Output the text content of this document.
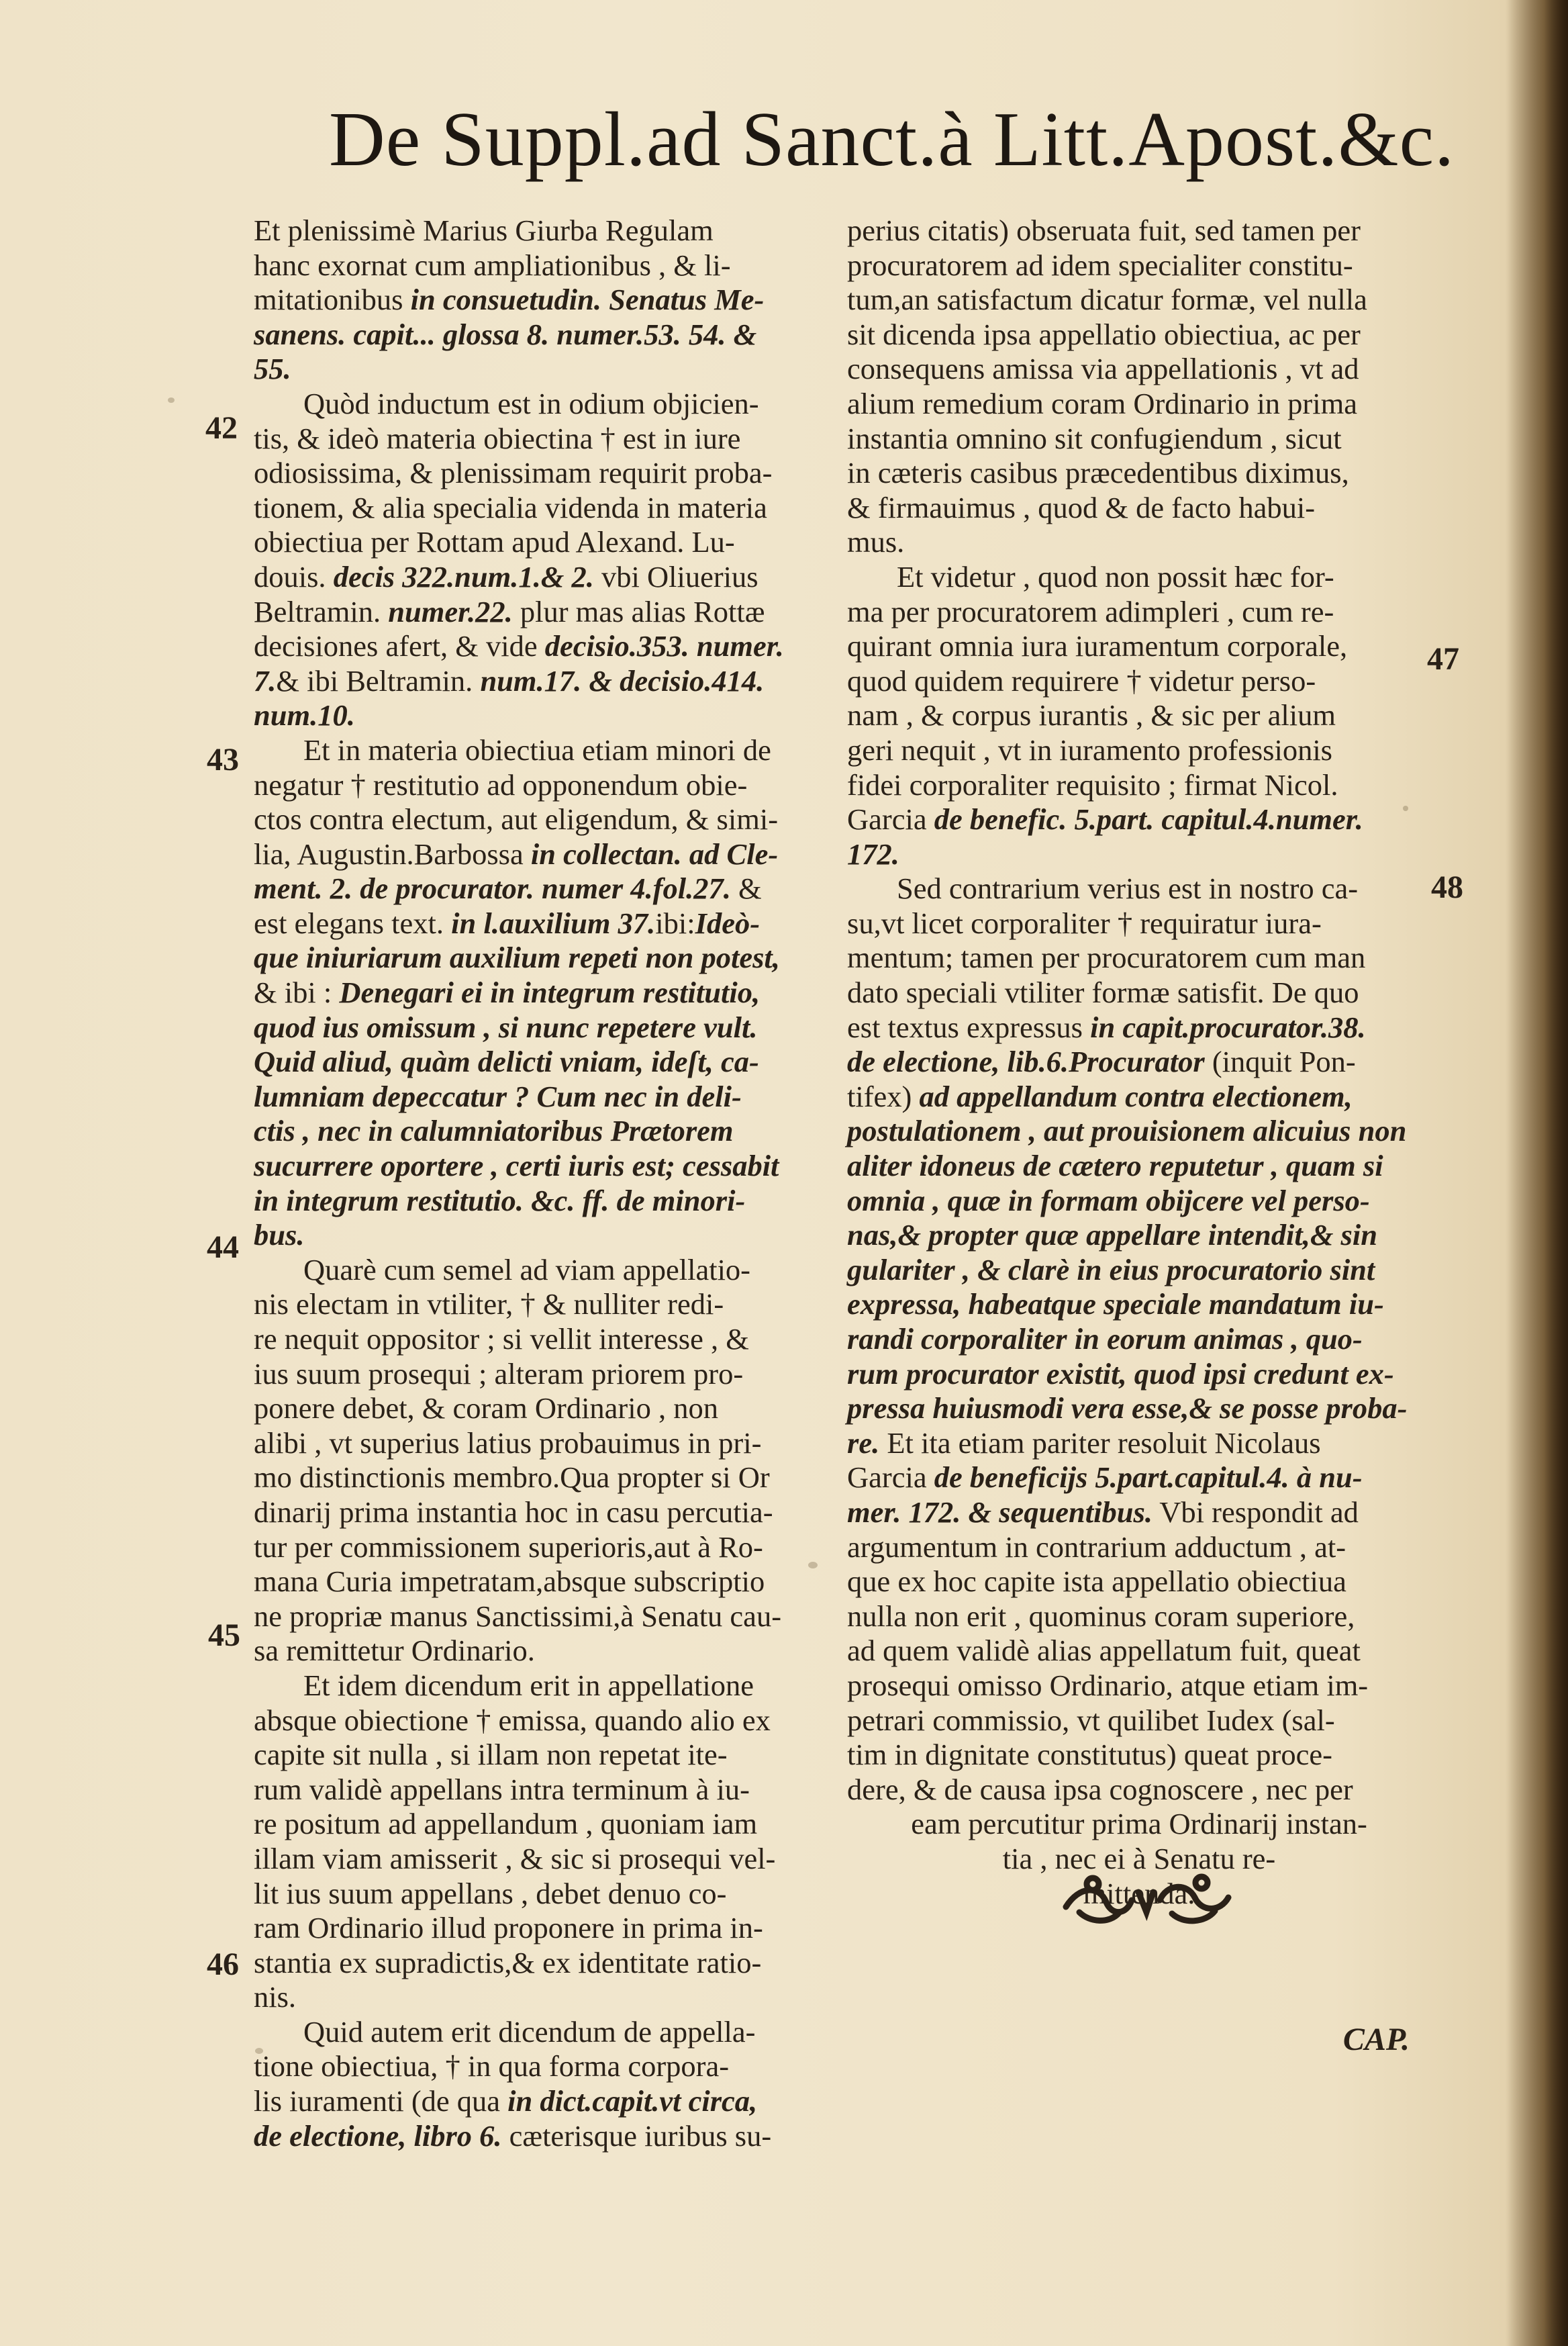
De Suppl.ad Sanct.à Litt.Apost.&c.
Et plenissimè Marius Giurba Regulam
hanc exornat cum ampliationibus , & li-
mitationibus in consuetudin. Senatus Me-
sanens. capit... glossa 8. numer.53. 54. &
55.
Quòd inductum est in odium objicien-
tis, & ideò materia obiectina † est in iure
odiosissima, & plenissimam requirit proba-
tionem, & alia specialia videnda in materia
obiectiua per Rottam apud Alexand. Lu-
douis. decis 322.num.1.& 2. vbi Oliuerius
Beltramin. numer.22. plur mas alias Rottæ
decisiones afert, & vide decisio.353. numer.
7.& ibi Beltramin. num.17. & decisio.414.
num.10.
Et in materia obiectiua etiam minori de
negatur † restitutio ad opponendum obie-
ctos contra electum, aut eligendum, & simi-
lia, Augustin.Barbossa in collectan. ad Cle-
ment. 2. de procurator. numer 4.fol.27. &
est elegans text. in l.auxilium 37.ibi:Ideò-
que iniuriarum auxilium repeti non potest,
& ibi : Denegari ei in integrum restitutio,
quod ius omissum , si nunc repetere vult.
Quid aliud, quàm delicti vniam, ideſt, ca-
lumniam depeccatur ? Cum nec in deli-
ctis , nec in calumniatoribus Prætorem
sucurrere oportere , certi iuris est; cessabit
in integrum restitutio. &c. ff. de minori-
bus.
Quarè cum semel ad viam appellatio-
nis electam in vtiliter, † & nulliter redi-
re nequit oppositor ; si vellit interesse , &
ius suum prosequi ; alteram priorem pro-
ponere debet, & coram Ordinario , non
alibi , vt superius latius probauimus in pri-
mo distinctionis membro.Qua propter si Or
dinarij prima instantia hoc in casu percutia-
tur per commissionem superioris,aut à Ro-
mana Curia impetratam,absque subscriptio
ne propriæ manus Sanctissimi,à Senatu cau-
sa remittetur Ordinario.
Et idem dicendum erit in appellatione
absque obiectione † emissa, quando alio ex
capite sit nulla , si illam non repetat ite-
rum validè appellans intra terminum à iu-
re positum ad appellandum , quoniam iam
illam viam amisserit , & sic si prosequi vel-
lit ius suum appellans , debet denuo co-
ram Ordinario illud proponere in prima in-
stantia ex supradictis,& ex identitate ratio-
nis.
Quid autem erit dicendum de appella-
tione obiectiua, † in qua forma corpora-
lis iuramenti (de qua in dict.capit.vt circa,
de electione, libro 6. cæterisque iuribus su-
perius citatis) obseruata fuit, sed tamen per
procuratorem ad idem specialiter constitu-
tum,an satisfactum dicatur formæ, vel nulla
sit dicenda ipsa appellatio obiectiua, ac per
consequens amissa via appellationis , vt ad
alium remedium coram Ordinario in prima
instantia omnino sit confugiendum , sicut
in cæteris casibus præcedentibus diximus,
& firmauimus , quod & de facto habui-
mus.
Et videtur , quod non possit hæc for-
ma per procuratorem adimpleri , cum re-
quirant omnia iura iuramentum corporale,
quod quidem requirere † videtur perso-
nam , & corpus iurantis , & sic per alium
geri nequit , vt in iuramento professionis
fidei corporaliter requisito ; firmat Nicol.
Garcia de benefic. 5.part. capitul.4.numer.
172.
Sed contrarium verius est in nostro ca-
su,vt licet corporaliter † requiratur iura-
mentum; tamen per procuratorem cum man
dato speciali vtiliter formæ satisfit. De quo
est textus expressus in capit.procurator.38.
de electione, lib.6.Procurator (inquit Pon-
tifex) ad appellandum contra electionem,
postulationem , aut prouisionem alicuius non
aliter idoneus de cætero reputetur , quam si
omnia , quæ in formam obijcere vel perso-
nas,& propter quæ appellare intendit,& sin
gulariter , & clarè in eius procuratorio sint
expressa, habeatque speciale mandatum iu-
randi corporaliter in eorum animas , quo-
rum procurator existit, quod ipsi credunt ex-
pressa huiusmodi vera esse,& se posse proba-
re. Et ita etiam pariter resoluit Nicolaus
Garcia de beneficijs 5.part.capitul.4. à nu-
mer. 172. & sequentibus. Vbi respondit ad
argumentum in contrarium adductum , at-
que ex hoc capite ista appellatio obiectiua
nulla non erit , quominus coram superiore,
ad quem validè alias appellatum fuit, queat
prosequi omisso Ordinario, atque etiam im-
petrari commissio, vt quilibet Iudex (sal-
tim in dignitate constitutus) queat proce-
dere, & de causa ipsa cognoscere , nec per
eam percutitur prima Ordinarij instan-
tia , nec ei à Senatu re-
mittenda.
42
43
44
45
46
47
48
CAP.
